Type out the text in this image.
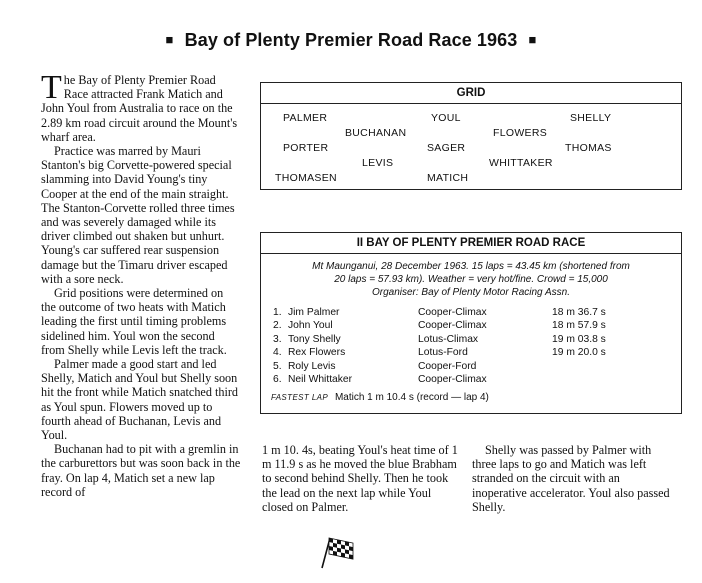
■ Bay of Plenty Premier Road Race 1963 ■

The Bay of Plenty Premier Road Race attracted Frank Matich and John Youl from Australia to race on the 2.89 km road circuit around the Mount's wharf area.

Practice was marred by Mauri Stanton's big Corvette-powered special slamming into David Young's tiny Cooper at the end of the main straight. The Stanton-Corvette rolled three times and was severely damaged while its driver climbed out shaken but unhurt. Young's car suffered rear suspension damage but the Timaru driver escaped with a sore neck.

Grid positions were determined on the outcome of two heats with Matich leading the first until timing problems sidelined him. Youl won the second from Shelly while Levis left the track.

Palmer made a good start and led Shelly, Matich and Youl but Shelly soon hit the front while Matich snatched third as Youl spun. Flowers moved up to fourth ahead of Buchanan, Levis and Youl.

Buchanan had to pit with a gremlin in the carburettors but was soon back in the fray. On lap 4, Matich set a new lap record of

GRID
PALMER	YOUL	SHELLY
BUCHANAN	FLOWERS
PORTER	SAGER	THOMAS
LEVIS	WHITTAKER
THOMASEN	MATICH
II BAY OF PLENTY PREMIER ROAD RACE
Mt Maunganui, 28 December 1963. 15 laps = 43.45 km (shortened from
20 laps = 57.93 km). Weather = very hot/fine. Crowd = 15,000
Organiser: Bay of Plenty Motor Racing Assn.
1. Jim Palmer	Cooper-Climax	18 m 36.7 s
2. John Youl	Cooper-Climax	18 m 57.9 s
3. Tony Shelly	Lotus-Climax	19 m 03.8 s
4. Rex Flowers	Lotus-Ford	19 m 20.0 s
5. Roly Levis	Cooper-Ford
6. Neil Whittaker	Cooper-Climax
FASTEST LAP Matich 1 m 10.4 s (record — lap 4)

1 m 10. 4s, beating Youl's heat time of 1 m 11.9 s as he moved the blue Brabham to second behind Shelly. Then he took the lead on the next lap while Youl closed on Palmer.

Shelly was passed by Palmer with three laps to go and Matich was left stranded on the circuit with an inoperative accelerator. Youl also passed Shelly.
